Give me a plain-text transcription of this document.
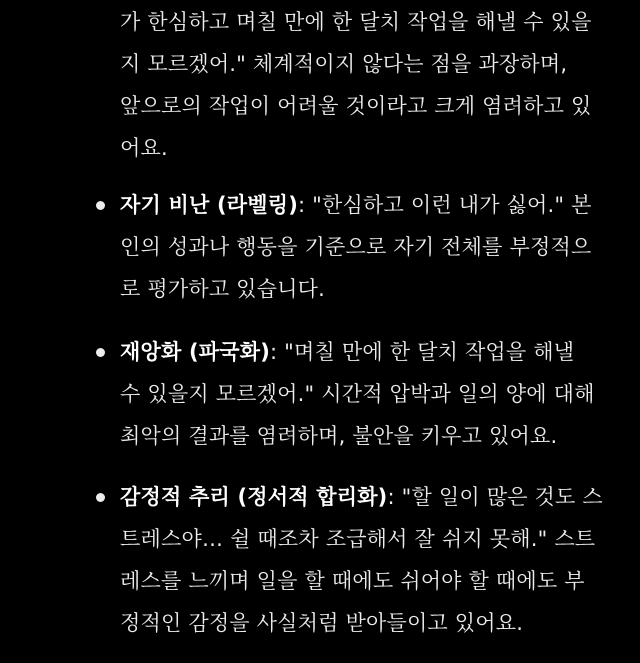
가 한심하고 며칠 만에 한 달치 작업을 해낼 수 있을
지 모르겠어." 체계적이지 않다는 점을 과장하며,
앞으로의 작업이 어려울 것이라고 크게 염려하고 있
어요.
자기 비난 (라벨링): "한심하고 이런 내가 싫어." 본
인의 성과나 행동을 기준으로 자기 전체를 부정적으
로 평가하고 있습니다.
재앙화 (파국화): "며칠 만에 한 달치 작업을 해낼
수 있을지 모르겠어." 시간적 압박과 일의 양에 대해
최악의 결과를 염려하며, 불안을 키우고 있어요.
감정적 추리 (정서적 합리화): "할 일이 많은 것도 스
트레스야… 쉴 때조차 조급해서 잘 쉬지 못해." 스트
레스를 느끼며 일을 할 때에도 쉬어야 할 때에도 부
정적인 감정을 사실처럼 받아들이고 있어요.
